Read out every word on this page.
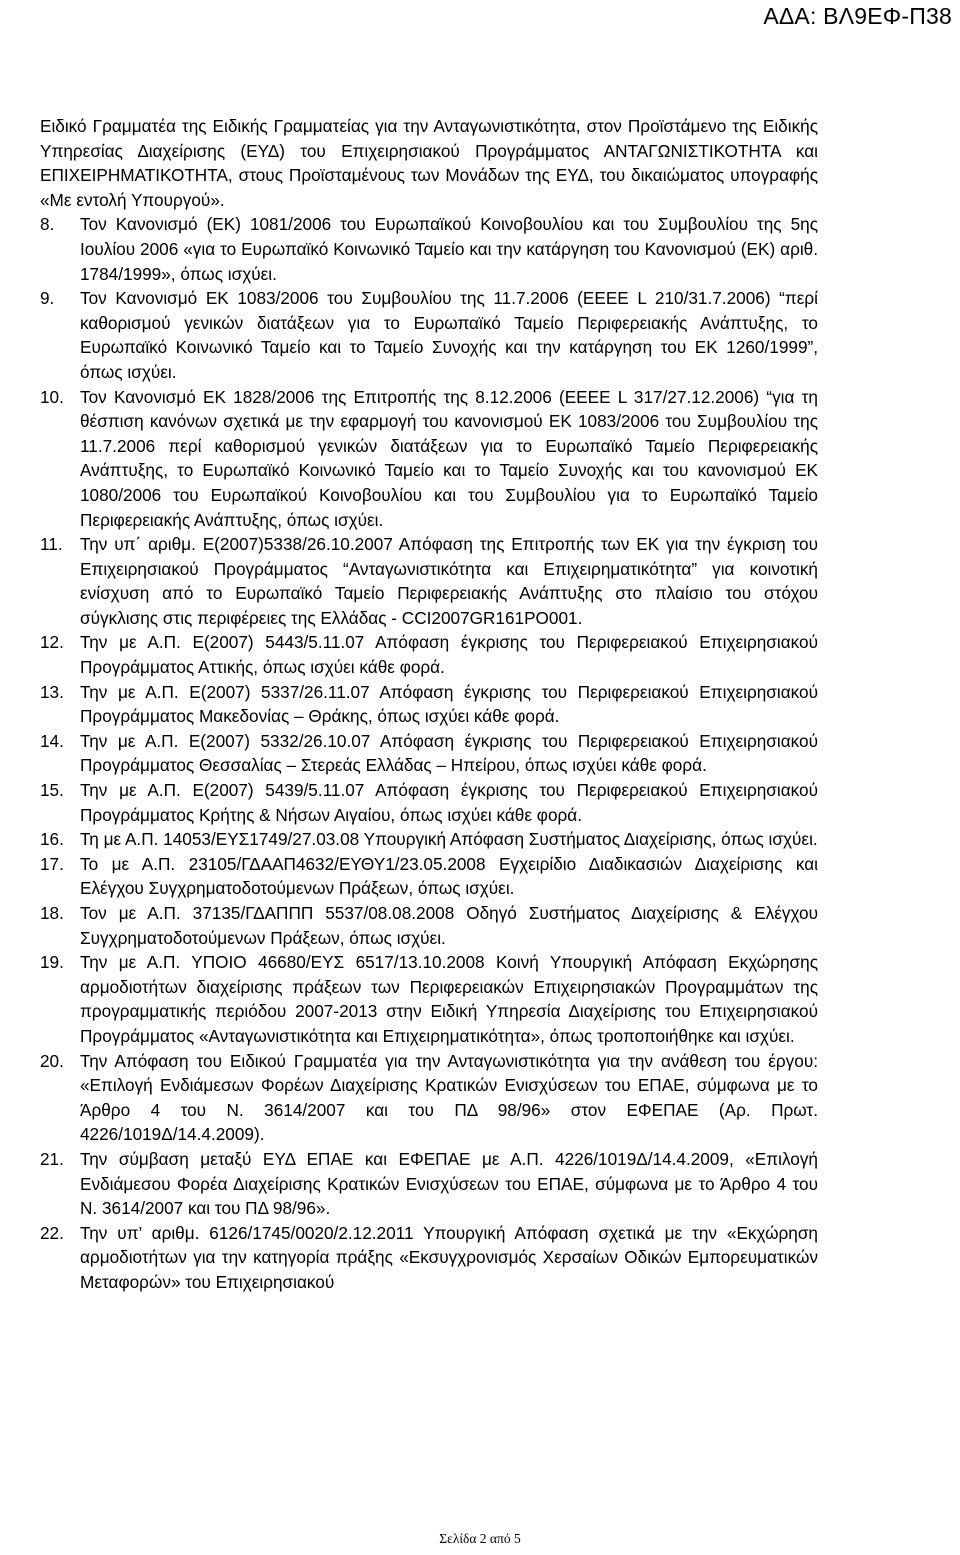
ΑΔΑ: ΒΛ9ΕΦ-Π38

Ειδικό Γραμματέα της Ειδικής Γραμματείας για την Ανταγωνιστικότητα, στον Προϊστάμενο της Ειδικής Υπηρεσίας Διαχείρισης (ΕΥΔ) του Επιχειρησιακού Προγράμματος ΑΝΤΑΓΩΝΙΣΤΙΚΟΤΗΤΑ και ΕΠΙΧΕΙΡΗΜΑΤΙΚΟΤΗΤΑ, στους Προϊσταμένους των Μονάδων της ΕΥΔ, του δικαιώματος υπογραφής «Με εντολή Υπουργού».

8. Τον Κανονισμό (ΕΚ) 1081/2006 του Ευρωπαϊκού Κοινοβουλίου και του Συμβουλίου της 5ης Ιουλίου 2006 «για το Ευρωπαϊκό Κοινωνικό Ταμείο και την κατάργηση του Κανονισμού (ΕΚ) αριθ. 1784/1999», όπως ισχύει.
9. Τον Κανονισμό ΕΚ 1083/2006 του Συμβουλίου της 11.7.2006 (ΕΕΕΕ L 210/31.7.2006) “περί καθορισμού γενικών διατάξεων για το Ευρωπαϊκό Ταμείο Περιφερειακής Ανάπτυξης, το Ευρωπαϊκό Κοινωνικό Ταμείο και το Ταμείο Συνοχής και την κατάργηση του ΕΚ 1260/1999”, όπως ισχύει.
10. Τον Κανονισμό ΕΚ 1828/2006 της Επιτροπής της 8.12.2006 (ΕΕΕΕ L 317/27.12.2006) “για τη θέσπιση κανόνων σχετικά με την εφαρμογή του κανονισμού ΕΚ 1083/2006 του Συμβουλίου της 11.7.2006 περί καθορισμού γενικών διατάξεων για το Ευρωπαϊκό Ταμείο Περιφερειακής Ανάπτυξης, το Ευρωπαϊκό Κοινωνικό Ταμείο και το Ταμείο Συνοχής και του κανονισμού ΕΚ 1080/2006 του Ευρωπαϊκού Κοινοβουλίου και του Συμβουλίου για το Ευρωπαϊκό Ταμείο Περιφερειακής Ανάπτυξης, όπως ισχύει.
11. Την υπ΄ αριθμ. Ε(2007)5338/26.10.2007 Απόφαση της Επιτροπής των ΕΚ για την έγκριση του Επιχειρησιακού Προγράμματος “Ανταγωνιστικότητα και Επιχειρηματικότητα” για κοινοτική ενίσχυση από το Ευρωπαϊκό Ταμείο Περιφερειακής Ανάπτυξης στο πλαίσιο του στόχου σύγκλισης στις περιφέρειες της Ελλάδας - CCI2007GR161PO001.
12. Την με Α.Π. Ε(2007) 5443/5.11.07 Απόφαση έγκρισης του Περιφερειακού Επιχειρησιακού Προγράμματος Αττικής, όπως ισχύει κάθε φορά.
13. Την με Α.Π. Ε(2007) 5337/26.11.07 Απόφαση έγκρισης του Περιφερειακού Επιχειρησιακού Προγράμματος Μακεδονίας – Θράκης, όπως ισχύει κάθε φορά.
14. Την με Α.Π. Ε(2007) 5332/26.10.07 Απόφαση έγκρισης του Περιφερειακού Επιχειρησιακού Προγράμματος Θεσσαλίας – Στερεάς Ελλάδας – Ηπείρου, όπως ισχύει κάθε φορά.
15. Την με Α.Π. Ε(2007) 5439/5.11.07 Απόφαση έγκρισης του Περιφερειακού Επιχειρησιακού Προγράμματος Κρήτης & Νήσων Αιγαίου, όπως ισχύει κάθε φορά.
16. Τη με Α.Π. 14053/ΕΥΣ1749/27.03.08 Υπουργική Απόφαση Συστήματος Διαχείρισης, όπως ισχύει.
17. Το με Α.Π. 23105/ΓΔΑΑΠ4632/ΕΥΘΥ1/23.05.2008 Εγχειρίδιο Διαδικασιών Διαχείρισης και Ελέγχου Συγχρηματοδοτούμενων Πράξεων, όπως ισχύει.
18. Τον με Α.Π. 37135/ΓΔΑΠΠΠ 5537/08.08.2008 Οδηγό Συστήματος Διαχείρισης & Ελέγχου Συγχρηματοδοτούμενων Πράξεων, όπως ισχύει.
19. Την με Α.Π. ΥΠΟΙΟ 46680/ΕΥΣ 6517/13.10.2008 Κοινή Υπουργική Απόφαση Εκχώρησης αρμοδιοτήτων διαχείρισης πράξεων των Περιφερειακών Επιχειρησιακών Προγραμμάτων της προγραμματικής περιόδου 2007-2013 στην Ειδική Υπηρεσία Διαχείρισης του Επιχειρησιακού Προγράμματος «Ανταγωνιστικότητα και Επιχειρηματικότητα», όπως τροποποιήθηκε και ισχύει.
20. Την Απόφαση του Ειδικού Γραμματέα για την Ανταγωνιστικότητα για την ανάθεση του έργου: «Επιλογή Ενδιάμεσων Φορέων Διαχείρισης Κρατικών Ενισχύσεων του ΕΠΑΕ, σύμφωνα με το Άρθρο 4 του Ν. 3614/2007 και του ΠΔ 98/96» στον ΕΦΕΠΑΕ (Αρ. Πρωτ. 4226/1019Δ/14.4.2009).
21. Την σύμβαση μεταξύ ΕΥΔ ΕΠΑΕ και ΕΦΕΠΑΕ με Α.Π. 4226/1019Δ/14.4.2009, «Επιλογή Ενδιάμεσου Φορέα Διαχείρισης Κρατικών Ενισχύσεων του ΕΠΑΕ, σύμφωνα με το Άρθρο 4 του Ν. 3614/2007 και του ΠΔ 98/96».
22. Την υπ’ αριθμ. 6126/1745/0020/2.12.2011 Υπουργική Απόφαση σχετικά με την «Εκχώρηση αρμοδιοτήτων για την κατηγορία πράξης «Εκσυγχρονισμός Χερσαίων Οδικών Εμπορευματικών Μεταφορών» του Επιχειρησιακού
Σελίδα 2 από 5
